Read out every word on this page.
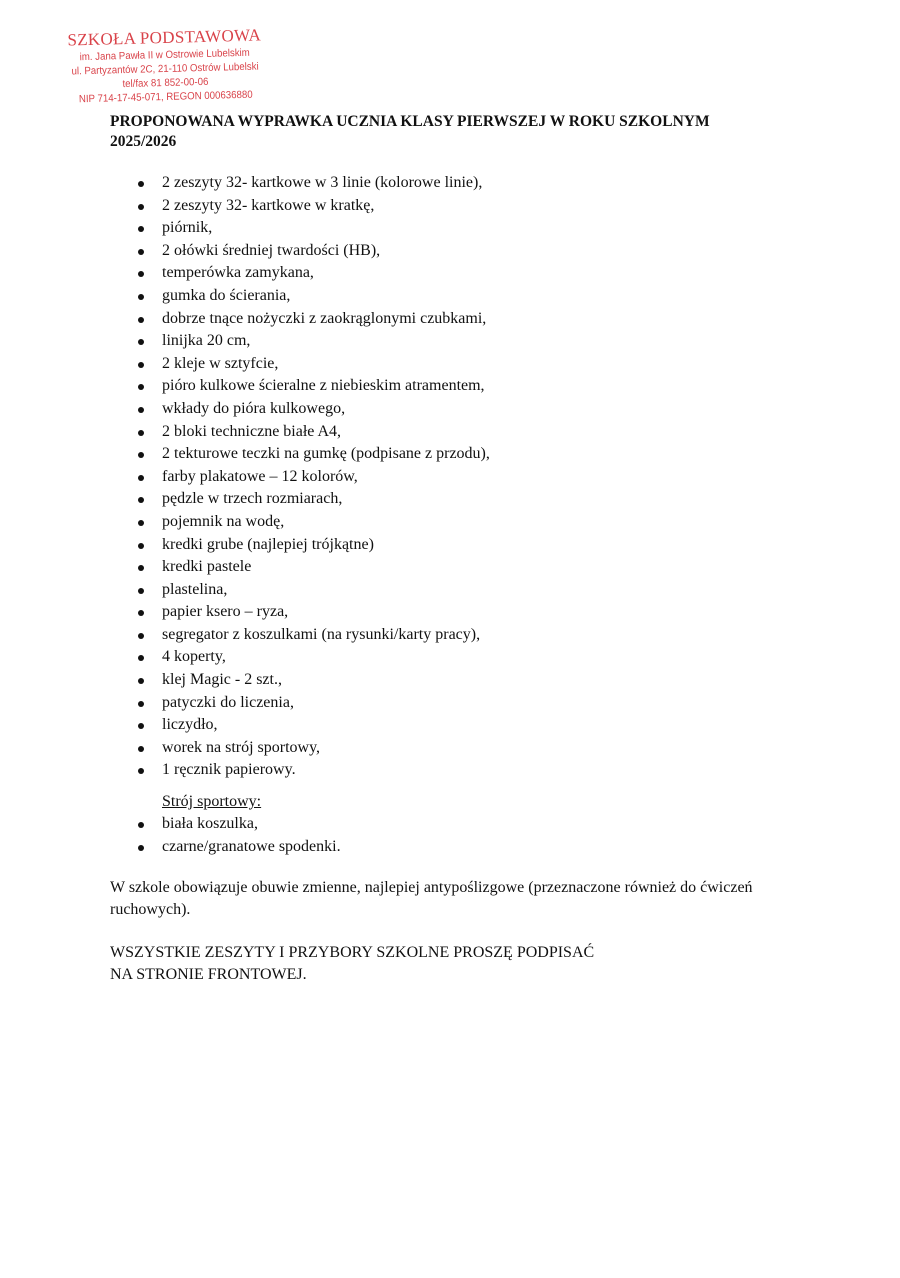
SZKOŁA PODSTAWOWA
im. Jana Pawła II w Ostrowie Lubelskim
ul. Partyzantów 2C, 21-110 Ostrów Lubelski
tel/fax 81 852-00-06
NIP 714-17-45-071, REGON 000636880
PROPONOWANA WYPRAWKA UCZNIA KLASY PIERWSZEJ W ROKU SZKOLNYM
2025/2026
2 zeszyty 32- kartkowe w 3 linie (kolorowe linie),
2 zeszyty 32- kartkowe w kratkę,
piórnik,
2 ołówki średniej twardości (HB),
temperówka zamykana,
gumka do ścierania,
dobrze tnące nożyczki z zaokrąglonymi czubkami,
linijka 20 cm,
2 kleje w sztyfcie,
pióro kulkowe ścieralne z niebieskim atramentem,
wkłady do pióra kulkowego,
2 bloki techniczne białe A4,
2 tekturowe teczki na gumkę (podpisane z przodu),
farby plakatowe – 12 kolorów,
pędzle w trzech rozmiarach,
pojemnik na wodę,
kredki grube (najlepiej trójkątne)
kredki pastele
plastelina,
papier ksero – ryza,
segregator z koszulkami (na rysunki/karty pracy),
4 koperty,
klej Magic - 2 szt.,
patyczki do liczenia,
liczydło,
worek na strój sportowy,
1 ręcznik papierowy.
Strój sportowy:
biała koszulka,
czarne/granatowe spodenki.
W szkole obowiązuje obuwie zmienne, najlepiej antypoślizgowe (przeznaczone również do ćwiczeń ruchowych).
WSZYSTKIE ZESZYTY I PRZYBORY SZKOLNE PROSZĘ PODPISAĆ
NA STRONIE FRONTOWEJ.
